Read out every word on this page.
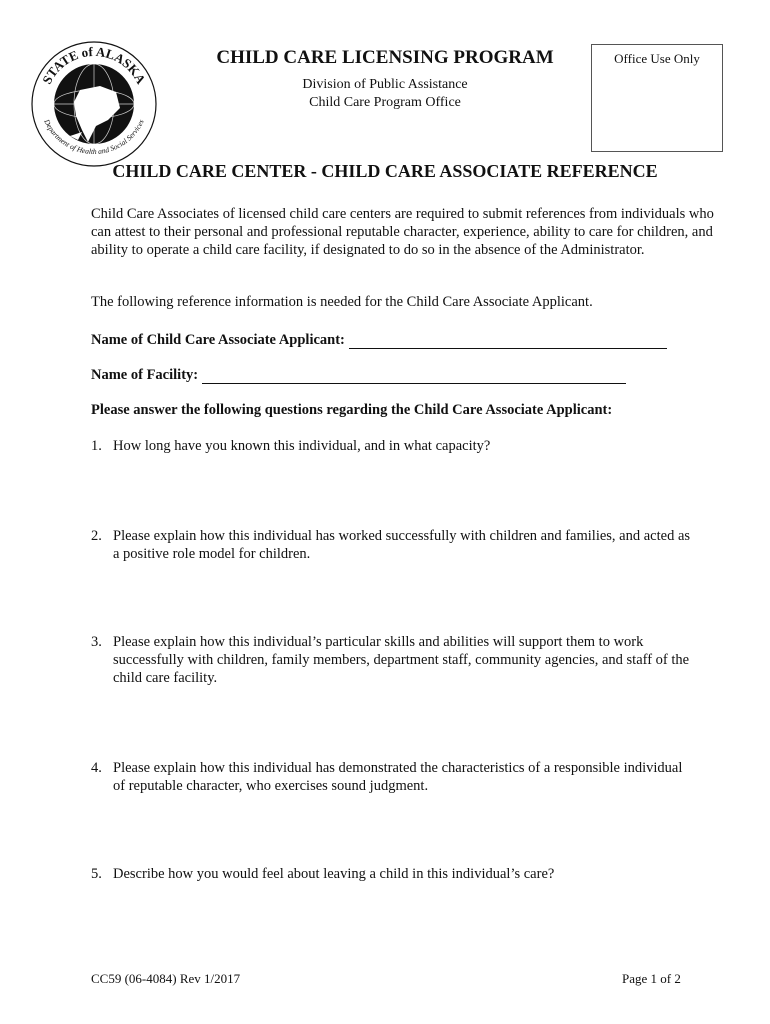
STATE of ALASKA
Department of Health and Social Services
CHILD CARE LICENSING PROGRAM
Division of Public Assistance
Child Care Program Office
Office Use Only
CHILD CARE CENTER - CHILD CARE ASSOCIATE REFERENCE
Child Care Associates of licensed child care centers are required to submit references from individuals who can attest to their personal and professional reputable character, experience, ability to care for children, and ability to operate a child care facility, if designated to do so in the absence of the Administrator.
The following reference information is needed for the Child Care Associate Applicant.
Name of Child Care Associate Applicant:
Name of Facility:
Please answer the following questions regarding the Child Care Associate Applicant:
1. How long have you known this individual, and in what capacity?
2. Please explain how this individual has worked successfully with children and families, and acted as a positive role model for children.
3. Please explain how this individual’s particular skills and abilities will support them to work successfully with children, family members, department staff, community agencies, and staff of the child care facility.
4. Please explain how this individual has demonstrated the characteristics of a responsible individual of reputable character, who exercises sound judgment.
5. Describe how you would feel about leaving a child in this individual’s care?
CC59 (06-4084) Rev 1/2017	Page 1 of 2
